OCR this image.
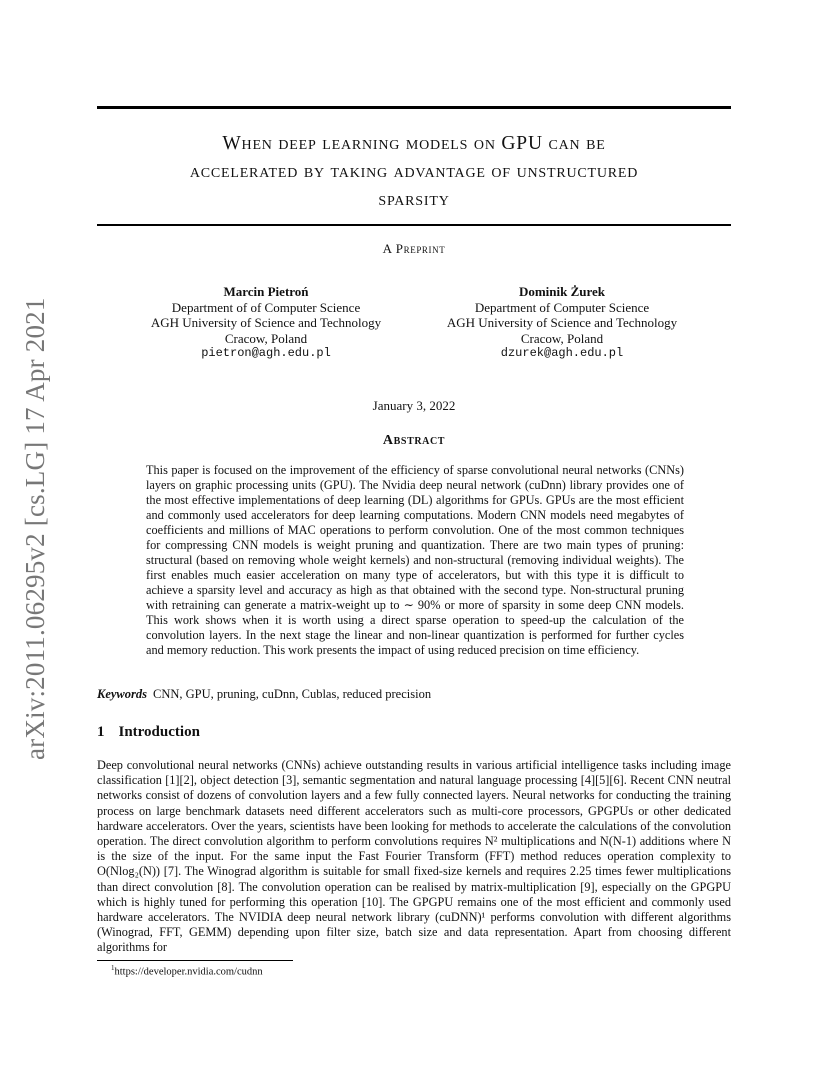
arXiv:2011.06295v2 [cs.LG] 17 Apr 2021
When deep learning models on GPU can be
accelerated by taking advantage of unstructured
sparsity
A Preprint
Marcin Pietroń
Department of of Computer Science
AGH University of Science and Technology
Cracow, Poland
pietron@agh.edu.pl
Dominik Żurek
Department of Computer Science
AGH University of Science and Technology
Cracow, Poland
dzurek@agh.edu.pl
January 3, 2022
Abstract

This paper is focused on the improvement of the efficiency of sparse convolutional neural networks (CNNs) layers on graphic processing units (GPU). The Nvidia deep neural network (cuDnn) library provides one of the most effective implementations of deep learning (DL) algorithms for GPUs. GPUs are the most efficient and commonly used accelerators for deep learning computations. Modern CNN models need megabytes of coefficients and millions of MAC operations to perform convolution. One of the most common techniques for compressing CNN models is weight pruning and quantization. There are two main types of pruning: structural (based on removing whole weight kernels) and non-structural (removing individual weights). The first enables much easier acceleration on many type of accelerators, but with this type it is difficult to achieve a sparsity level and accuracy as high as that obtained with the second type. Non-structural pruning with retraining can generate a matrix-weight up to ∼ 90% or more of sparsity in some deep CNN models. This work shows when it is worth using a direct sparse operation to speed-up the calculation of the convolution layers. In the next stage the linear and non-linear quantization is performed for further cycles and memory reduction. This work presents the impact of using reduced precision on time efficiency.

Keywords CNN, GPU, pruning, cuDnn, Cublas, reduced precision

1 Introduction

Deep convolutional neural networks (CNNs) achieve outstanding results in various artificial intelligence tasks including image classification [1][2], object detection [3], semantic segmentation and natural language processing [4][5][6]. Recent CNN neutral networks consist of dozens of convolution layers and a few fully connected layers. Neural networks for conducting the training process on large benchmark datasets need different accelerators such as multi-core processors, GPGPUs or other dedicated hardware accelerators. Over the years, scientists have been looking for methods to accelerate the calculations of the convolution operation. The direct convolution algorithm to perform convolutions requires N² multiplications and N(N-1) additions where N is the size of the input. For the same input the Fast Fourier Transform (FFT) method reduces operation complexity to O(Nlog₂(N)) [7]. The Winograd algorithm is suitable for small fixed-size kernels and requires 2.25 times fewer multiplications than direct convolution [8]. The convolution operation can be realised by matrix-multiplication [9], especially on the GPGPU which is highly tuned for performing this operation [10]. The GPGPU remains one of the most efficient and commonly used hardware accelerators. The NVIDIA deep neural network library (cuDNN)¹ performs convolution with different algorithms (Winograd, FFT, GEMM) depending upon filter size, batch size and data representation. Apart from choosing different algorithms for

$^1$https://developer.nvidia.com/cudnn
